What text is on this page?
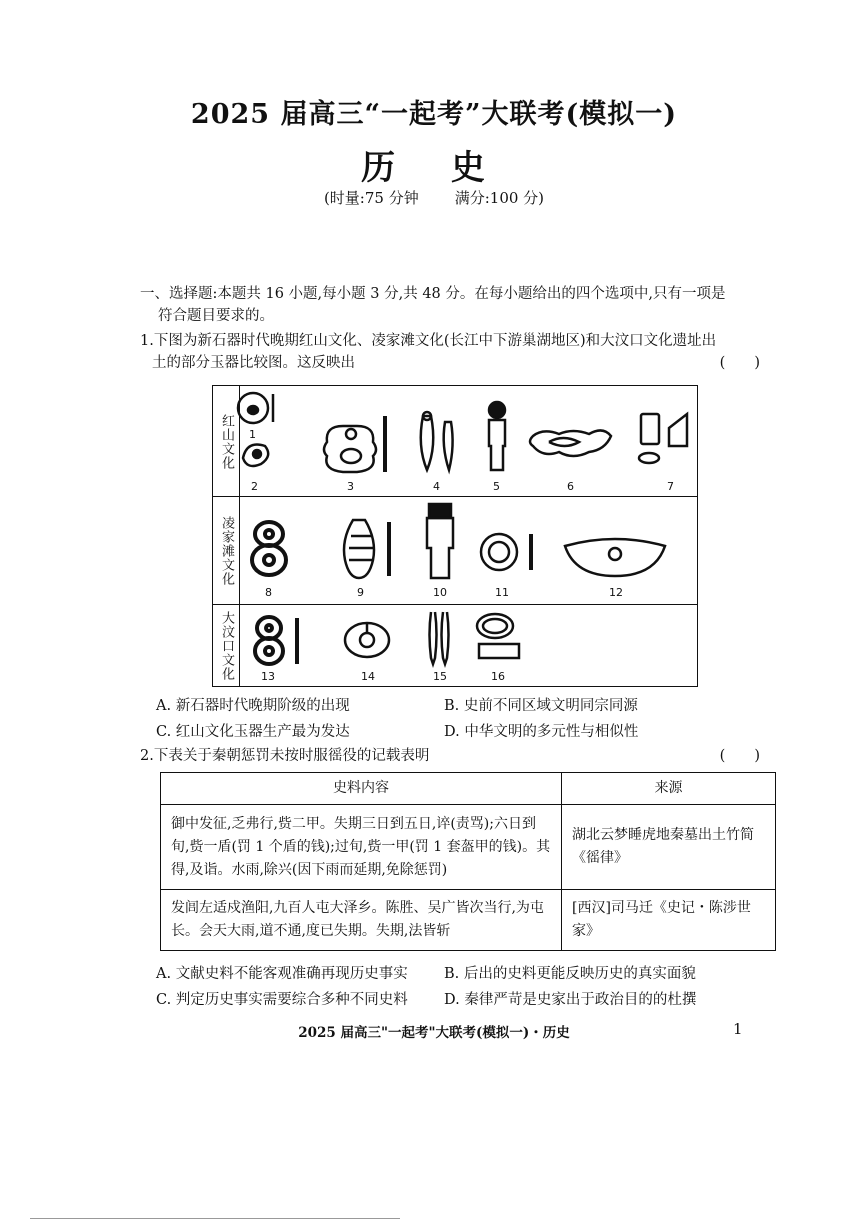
2025 届高三“一起考”大联考(模拟一)
历 史
(时量:75 分钟 满分:100 分)
一、选择题:本题共 16 小题,每小题 3 分,共 48 分。在每小题给出的四个选项中,只有一项是
符合题目要求的。
1.下图为新石器时代晚期红山文化、凌家滩文化(长江中下游巢湖地区)和大汶口文化遗址出
土的部分玉器比较图。这反映出	(　　)
红山文化
凌家滩文化
大汶口文化
1
2	3	4	5	6	7
8	9	10	11	12
13	14	15	16
A. 新石器时代晚期阶级的出现	B. 史前不同区域文明同宗同源
C. 红山文化玉器生产最为发达	D. 中华文明的多元性与相似性
2.下表关于秦朝惩罚未按时服徭役的记载表明	(　　)
史料内容	来源
御中发征,乏弗行,赀二甲。失期三日到五日,谇(责骂);六日到旬,赀一盾(罚 1 个盾的钱);过旬,赀一甲(罚 1 套盔甲的钱)。其得,及诣。水雨,除兴(因下雨而延期,免除惩罚)	湖北云梦睡虎地秦墓出土竹简《徭律》
发闾左适戍渔阳,九百人屯大泽乡。陈胜、吴广皆次当行,为屯长。会天大雨,道不通,度已失期。失期,法皆斩	[西汉]司马迁《史记・陈涉世家》
A. 文献史料不能客观准确再现历史事实	B. 后出的史料更能反映历史的真实面貌
C. 判定历史事实需要综合多种不同史料 D. 秦律严苛是史家出于政治目的的杜撰
2025 届高三"一起考"大联考(模拟一)・历史	1
